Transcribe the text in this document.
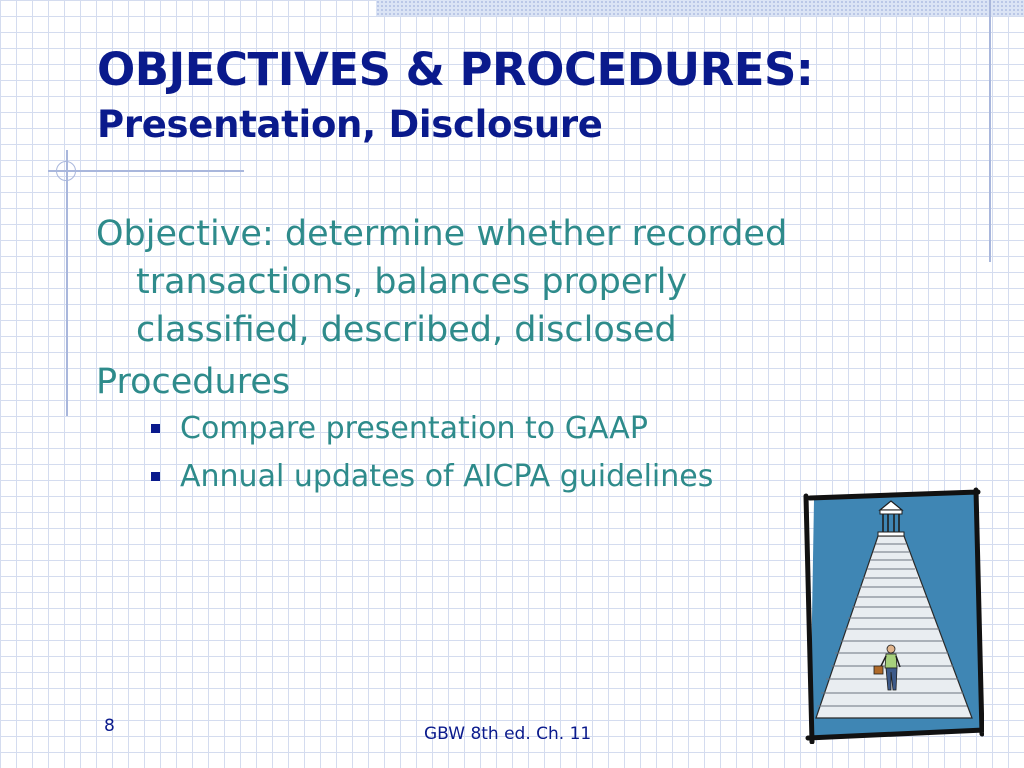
OBJECTIVES & PROCEDURES:
Presentation, Disclosure

Objective: determine whether recorded transactions, balances properly classified, described, disclosed

Procedures

Compare presentation to GAAP
Annual updates of AICPA guidelines
8	GBW 8th ed. Ch. 11
